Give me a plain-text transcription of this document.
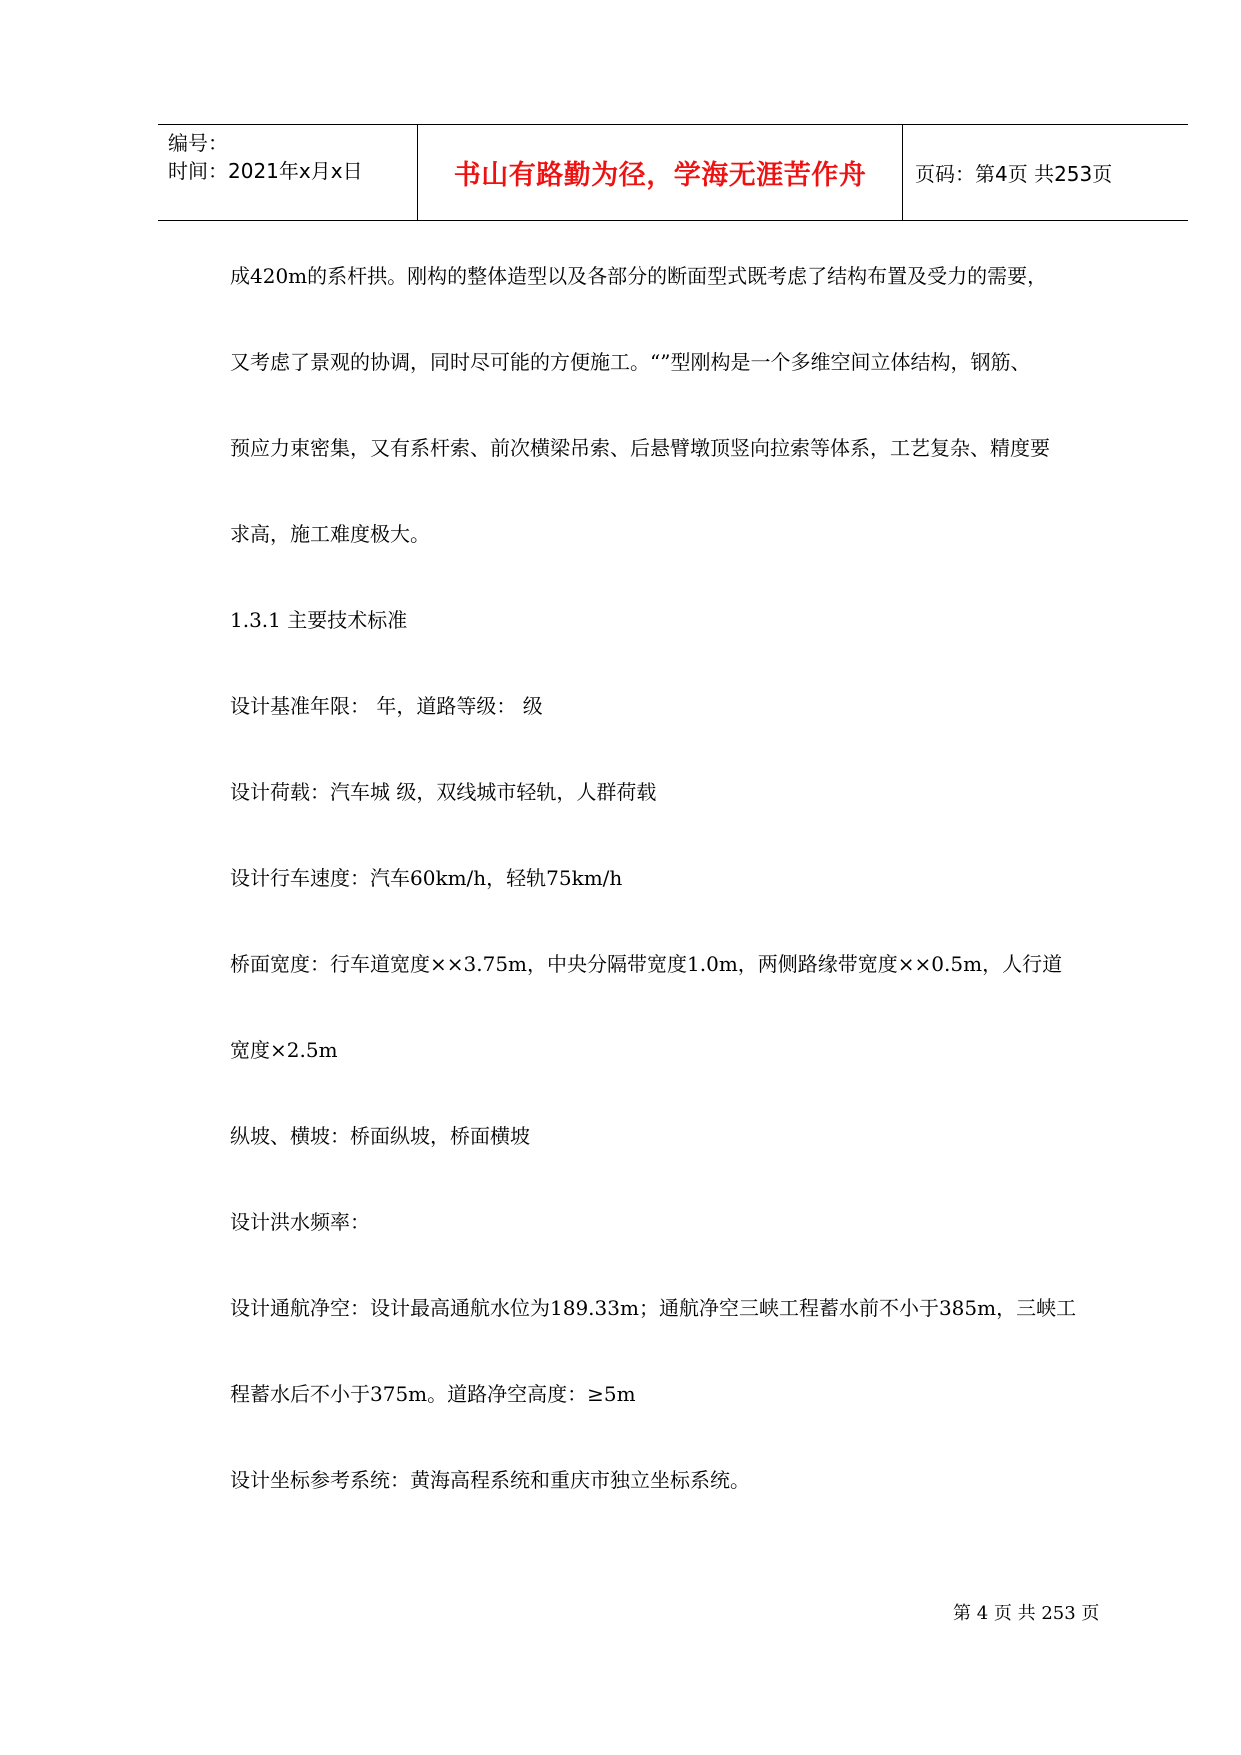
编号：
时间：2021年x月x日	书山有路勤为径，学海无涯苦作舟 页码：第4页 共253页
成420m的系杆拱。刚构的整体造型以及各部分的断面型式既考虑了结构布置及受力的需要，
又考虑了景观的协调，同时尽可能的方便施工。“”型刚构是一个多维空间立体结构，钢筋、
预应力束密集，又有系杆索、前次横梁吊索、后悬臂墩顶竖向拉索等体系，工艺复杂、精度要
求高，施工难度极大。
1.3.1 主要技术标准
设计基准年限： 年，道路等级： 级
设计荷载：汽车城 级，双线城市轻轨，人群荷载
设计行车速度：汽车60km/h，轻轨75km/h
桥面宽度：行车道宽度××3.75m，中央分隔带宽度1.0m，两侧路缘带宽度××0.5m，人行道
宽度×2.5m
纵坡、横坡：桥面纵坡，桥面横坡
设计洪水频率：
设计通航净空：设计最高通航水位为189.33m；通航净空三峡工程蓄水前不小于385m，三峡工
程蓄水后不小于375m。道路净空高度：≥5m
设计坐标参考系统：黄海高程系统和重庆市独立坐标系统。
第 4 页 共 253 页
